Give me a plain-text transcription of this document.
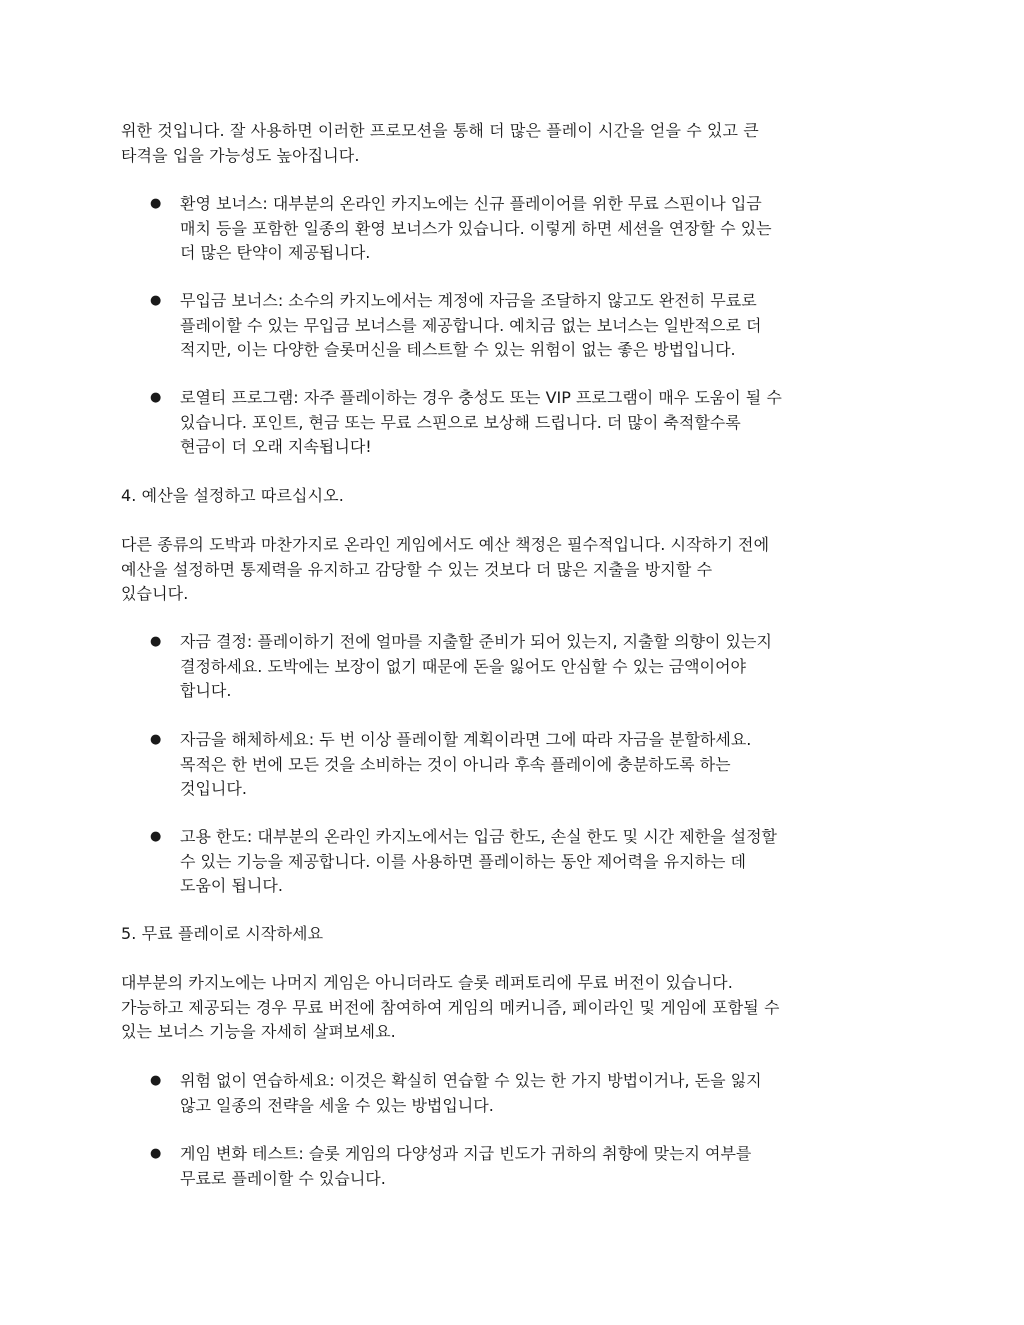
위한 것입니다. 잘 사용하면 이러한 프로모션을 통해 더 많은 플레이 시간을 얻을 수 있고 큰
타격을 입을 가능성도 높아집니다.

●	환영 보너스: 대부분의 온라인 카지노에는 신규 플레이어를 위한 무료 스핀이나 입금
매치 등을 포함한 일종의 환영 보너스가 있습니다. 이렇게 하면 세션을 연장할 수 있는
더 많은 탄약이 제공됩니다.
●	무입금 보너스: 소수의 카지노에서는 계정에 자금을 조달하지 않고도 완전히 무료로
플레이할 수 있는 무입금 보너스를 제공합니다. 예치금 없는 보너스는 일반적으로 더
적지만, 이는 다양한 슬롯머신을 테스트할 수 있는 위험이 없는 좋은 방법입니다.
●	로열티 프로그램: 자주 플레이하는 경우 충성도 또는 VIP 프로그램이 매우 도움이 될 수
있습니다. 포인트, 현금 또는 무료 스핀으로 보상해 드립니다. 더 많이 축적할수록
현금이 더 오래 지속됩니다!

4. 예산을 설정하고 따르십시오.

다른 종류의 도박과 마찬가지로 온라인 게임에서도 예산 책정은 필수적입니다. 시작하기 전에
예산을 설정하면 통제력을 유지하고 감당할 수 있는 것보다 더 많은 지출을 방지할 수
있습니다.

●	자금 결정: 플레이하기 전에 얼마를 지출할 준비가 되어 있는지, 지출할 의향이 있는지
결정하세요. 도박에는 보장이 없기 때문에 돈을 잃어도 안심할 수 있는 금액이어야
합니다.
●	자금을 해체하세요: 두 번 이상 플레이할 계획이라면 그에 따라 자금을 분할하세요.
목적은 한 번에 모든 것을 소비하는 것이 아니라 후속 플레이에 충분하도록 하는
것입니다.
●	고용 한도: 대부분의 온라인 카지노에서는 입금 한도, 손실 한도 및 시간 제한을 설정할
수 있는 기능을 제공합니다. 이를 사용하면 플레이하는 동안 제어력을 유지하는 데
도움이 됩니다.

5. 무료 플레이로 시작하세요

대부분의 카지노에는 나머지 게임은 아니더라도 슬롯 레퍼토리에 무료 버전이 있습니다.
가능하고 제공되는 경우 무료 버전에 참여하여 게임의 메커니즘, 페이라인 및 게임에 포함될 수
있는 보너스 기능을 자세히 살펴보세요.

●	위험 없이 연습하세요: 이것은 확실히 연습할 수 있는 한 가지 방법이거나, 돈을 잃지
않고 일종의 전략을 세울 수 있는 방법입니다.
●	게임 변화 테스트: 슬롯 게임의 다양성과 지급 빈도가 귀하의 취향에 맞는지 여부를
무료로 플레이할 수 있습니다.
